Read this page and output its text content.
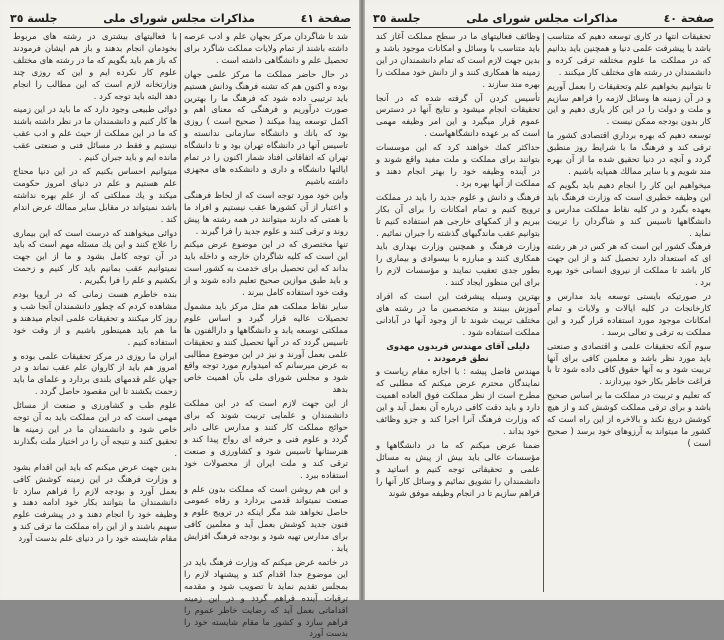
صفحة ٤١
مذاكرات مجلس شوراى ملى
جلسة ٣٥

شد تا شاگردان مركز بجهان علم و ادب عرصه داشته باشند از تمام ولايات مملكت شاگرد براى تحصيل علم و دانشگاهى داشته است .

در حال حاضر مملكت ما مركز علمى جهان بوده و اكنون هم كه تشنه فرهنگ ودانش هستيم بايد ترتيبى داده شود كه فرهنگ ما را بهترين صورت درآوريم و فرهنگى كه معناى اهم و اكمل توسعه پيدا ميكند ( صحيح است ) روزى بود كه بانك و دانشگاه سازمانى ندانسته و تاسيس آنها در دانشگاه تهران بود و تا دانشگاه تهران كه اتفاقاتى افتاد شمار اكنون را در تمام ايالتها دانشگاه و دارى و دانشكده هاى مجهزى داشته باشيم

واين خود مورد توجه است كه از لحاظ فرهنگى و اعتبار از آن كشورها عقب نيستيم و افراد ما با همتى كه دارند ميتوانند در همه رشته ها پيش روند و ترقى كنند و علوم جديد را فرا گيرند .

تنها مختصرى كه در اين موضوع عرض ميكنم اين است كه كليه شاگردان خارجه و داخله بايد بداند كه اين تحصيل براى خدمت به كشور است و بايد طبق موازين صحيح تعليم داده شوند و از وقت خود استفاده كامل ببرند .

ساير نقاط مملكت هم مثل مركز بايد مشمول تحصيلات عاليه قرار گيرد و اساس علوم مملكتى توسعه يابد و دانشگاهها و دارالفنون ها تاسيس گردد كه در آنها تحصيل كنند و تحقيقات علمى بعمل آورند و نيز در اين موضوع مطالبى به عرض ميرسانم كه اميدوارم مورد توجه واقع شود و مجلس شوراى ملى بآن اهميت خاص بدهد

از اين جهت لازم است كه در اين مملكت دانشمندان و علمايى تربيت شوند كه براى حوائج مملكت كار كنند و مدارس عالى داير گردد و علوم فنى و حرفه اى رواج پيدا كند و هنرستانها تاسيس شود و كشاورزى و صنعت ترقى كند و ملت ايران از محصولات خود استفاده ببرد .

و اين هم روشن است كه مملكت بدون علم و صنعت نميتواند قدمى بردارد و رفاه عمومى حاصل نخواهد شد مگر اينكه در ترويج علوم و فنون جديد كوشش بعمل آيد و معلمين كافى براى مدارس تهيه شود و بودجه فرهنگ افزايش يابد .

در خاتمه عرض ميكنم كه وزارت فرهنگ بايد در اين موضوع جدا اقدام كند و پيشنهاد لازم را بمجلس تقديم نمايد تا تصويب شود و مقدمه ترقيات آينده فراهم گردد و در اين زمينه اقداماتى بعمل آيد كه رضايت خاطر عموم را فراهم سازد و كشور ما مقام شايسته خود را بدست آورد

با فعاليتهاى بيشترى در رشته هاى مربوط بخودمان انجام بدهند و باز هم ايشان فرمودند كه باز هم بايد بگويم كه ما در رشته هاى مختلف علوم كار نكرده ايم و اين كه روزى چند وزارتخانه لازم است كه اين مطالب را انجام دهد البته بايد توجه كرد .

دوائى طبيعى وجود دارد كه ما بايد در اين زمينه ها كار كنيم و دانشمندان ما در نظر داشته باشند كه ما در اين مملكت از حيث علم و ادب عقب نيستيم و فقط در مسائل فنى و صنعتى عقب مانده ايم و بايد جبران كنيم .

ميتوانيم احساس بكنيم كه در اين دنيا محتاج علم هستيم و علم در دنياى امروز حكومت ميكند و يك مملكتى كه از علم بهره نداشته باشد نميتواند در مقابل ساير ممالك عرض اندام كند .

دوائى ميخواهند كه درست است كه اين بيمارى را علاج كنند و اين يك مسئله مهم است كه بايد در آن توجه كامل بشود و ما از اين جهت نميتوانيم عقب بمانيم بايد كار كنيم و زحمت بكشيم و علم را فرا بگيريم .

بنده خاطرم هست زمانى كه در اروپا بودم مشاهده كردم كه چطور دانشمندان آنجا شب و روز كار ميكنند و تحقيقات علمى انجام ميدهند و ما هم بايد همينطور باشيم و از وقت خود استفاده كنيم .

ايران ما روزى در مركز تحقيقات علمى بوده و امروز هم بايد از كاروان علم عقب نماند و در جهان علم قدمهاى بلندى بردارد و علماى ما بايد زحمت بكشند تا اين مقصود حاصل گردد .

علوم طب و كشاورزى و صنعت از مسائل مهمى است كه در اين مملكت بايد به آن توجه خاص شود و دانشمندان ما در اين زمينه ها تحقيق كنند و نتيجه آن را در اختيار ملت بگذارند .

بدين جهت عرض ميكنم كه بايد اين اقدام بشود و وزارت فرهنگ در اين زمينه كوشش كافى بعمل آورد و بودجه لازم را فراهم سازد تا دانشمندان ما بتوانند بكار خود ادامه دهند و وظيفه خود را انجام دهند و در پيشرفت علوم سهيم باشند و از اين راه مملكت ما ترقى كند و مقام شايسته خود را در دنياى علم بدست آورد

صفحة ٤٠
مذاكرات مجلس شوراى ملى
جلسة ٣٥

تحقيقات انتها در كارى توسعه دهيم كه متناسب باشد با پيشرفت علمى دنيا و همچنين بايد بدانيم كه در مملكت ما علوم مختلفه ترقى كرده و دانشمندان در رشته هاى مختلف كار ميكنند .

تا بتوانيم بخواهيم علم وتحقيقات را بعمل آوريم و در آن زمينه ها وسائل لازمه را فراهم سازيم و ملت و دولت را در اين كار يارى دهيم و اين كار بدون بودجه ممكن نيست .

توسعه دهيم كه بهره برداري اقتصادى كشور ما ترقى كند و فرهنگ ما با شرايط روز منطبق گردد و آنچه در دنيا تحقيق شده ما از آن بهره مند شويم و با ساير ممالك همپايه باشيم .

ميخواهيم اين كار را انجام دهيم بايد بگويم كه اين وظيفه خطيرى است كه وزارت فرهنگ بايد بعهده بگيرد و در كليه نقاط مملكت مدارس و دانشگاهها تاسيس كند و شاگردان را تربيت نمايد .

فرهنگ كشور اين است كه هر كس در هر رشته اى كه استعداد دارد تحصيل كند و از اين جهت كار باشد تا مملكت از نيروى انسانى خود بهره برد .

در صورتيكه بايستى توسعه يابد مدارس و كارخانجات در كليه ايالات و ولايات و تمام امكانات موجود مورد استفاده قرار گيرد و اين مملكت به ترقى و تعالى برسد .

سوم آنكه تحقيقات علمى و اقتصادى و صنعتى بايد مورد نظر باشد و معلمين كافى براى آنها تربيت شود و به آنها حقوق كافى داده شود تا با فراغت خاطر بكار خود بپردازند .

كه تعليم و تربيت در مملكت ما بر اساس صحيح باشد و براى ترقى مملكت كوشش كند و از هيچ كوشش دريغ نكند و بالاخره از اين راه است كه كشور ما ميتواند به آرزوهاى خود برسد ( صحيح است )

وظائف فعاليتهاى ما در سطح مملكت آغاز كند بايد متناسب با وسائل و امكانات موجود باشد و بدين جهت لازم است كه تمام دانشمندان در اين زمينه ها همكارى كنند و از دانش خود مملكت را بهره مند سازند .

تأسيس كردن آن گرفته شده كه در آنجا تحقيقات انجام ميشود و نتايج آنها در دسترس عموم قرار ميگيرد و اين امر وظيفه مهمى است كه بر عهده دانشگاههاست .

حداكثر كمك خواهند كرد كه اين موسسات بتوانند براى مملكت و ملت مفيد واقع شوند و در آينده وظيفه خود را بهتر انجام دهند و مملكت از آنها بهره برد .

فرهنگ و دانش و علوم جديد را بايد در مملكت ترويج كنيم و تمام امكانات را براى آن بكار ببريم و از كمكهاى خارجى هم استفاده كنيم تا بتوانيم عقب ماندگيهاى گذشته را جبران نمائيم .

وزارت فرهنگ و همچنين وزارت بهدارى بايد همكارى كنند و مبارزه با بيسوادى و بيمارى را بطور جدى تعقيب نمايند و مؤسسات لازم را براى اين منظور ايجاد كنند .

بهترين وسيله پيشرفت اين است كه افراد آموزش ببينند و متخصصين ما در رشته هاى مختلف تربيت شوند تا از وجود آنها در آبادانى مملكت استفاده شود .

دليلى آقاى مهندس فريدون مهدوى نطق فرمودند .

مهندس فاضل پيشه : با اجازه مقام رياست و نمايندگان محترم عرض ميكنم كه مطلبى كه مطرح است از نظر مملكت فوق العاده اهميت دارد و بايد دقت كافى درباره آن بعمل آيد و اين كه وزارت فرهنگ آنرا اجرا كند و جزو وظائف خود بداند .

ضمنا عرض ميكنم كه ما در دانشگاهها و مؤسسات عالى بايد بيش از پيش به مسائل علمى و تحقيقاتى توجه كنيم و اساتيد و دانشمندان را تشويق نمائيم و وسائل كار آنها را فراهم سازيم تا در انجام وظيفه موفق شوند
